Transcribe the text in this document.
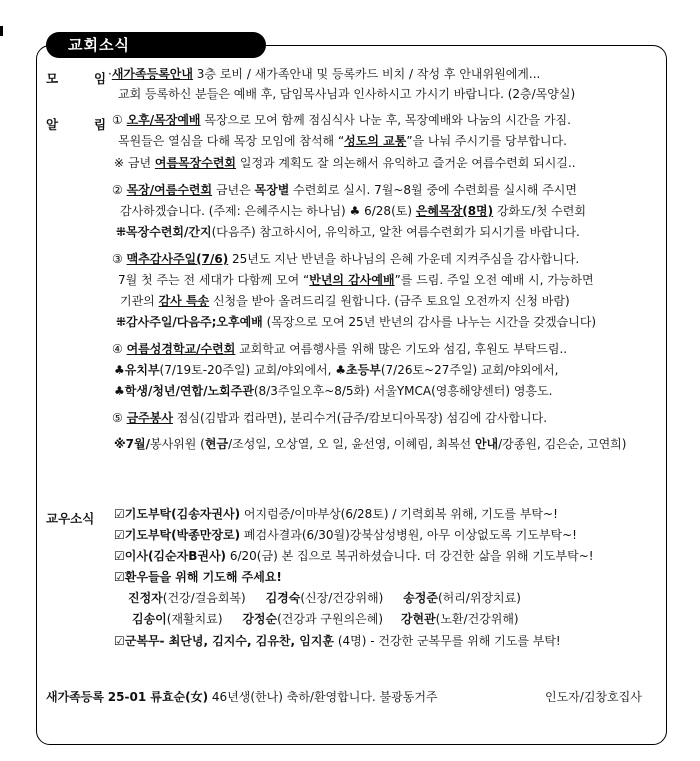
교회소식
모	임 ·새가족등록안내 3층 로비 / 새가족안내 및 등록카드 비치 / 작성 후 안내위원에게...
교회 등록하신 분들은 예배 후, 담임목사님과 인사하시고 가시기 바랍니다. (2층/목양실)
알	림 ① 오후/목장예배 목장으로 모여 함께 점심식사 나눈 후, 목장예배와 나눔의 시간을 가짐.
목원들은 열심을 다해 목장 모임에 참석해 “성도의 교통”을 나눠 주시기를 당부합니다.
※ 금년 여름목장수련회 일정과 계획도 잘 의논해서 유익하고 즐거운 여름수련회 되시길..
② 목장/여름수련회 금년은 목장별 수련회로 실시. 7월~8월 중에 수련회를 실시해 주시면
감사하겠습니다. (주제: 은혜주시는 하나님) ♣ 6/28(토) 은혜목장(8명) 강화도/첫 수련회
⁜목장수련회/간지(다음주) 참고하시어, 유익하고, 알찬 여름수련회가 되시기를 바랍니다.
③ 맥추감사주일(7/6) 25년도 지난 반년을 하나님의 은혜 가운데 지켜주심을 감사합니다.
7월 첫 주는 전 세대가 다함께 모여 “반년의 감사예배”를 드림. 주일 오전 예배 시, 가능하면
기관의 감사 특송 신청을 받아 올려드리길 원합니다. (금주 토요일 오전까지 신청 바람)
⁜감사주일/다음주;오후예배 (목장으로 모여 25년 반년의 감사를 나누는 시간을 갖겠습니다)
④ 여름성경학교/수련회 교회학교 여름행사를 위해 많은 기도와 섬김, 후원도 부탁드림..
♣유치부(7/19토-20주일) 교회/야외에서, ♣초등부(7/26토~27주일) 교회/야외에서,
♣학생/청년/연합/노회주관(8/3주일오후~8/5화) 서울YMCA(영흥해양센터) 영흥도.
⑤ 금주봉사 점심(김밥과 컵라면), 분리수거(금주/캄보디아목장) 섬김에 감사합니다.
※7월/봉사위원 (현금/조성일, 오상열, 오 일, 윤선영, 이혜림, 최복선 안내/강종원, 김은순, 고연희)
교우소식 ☑기도부탁(김송자권사) 어지럼증/이마부상(6/28토) / 기력회복 위해, 기도를 부탁~!
☑기도부탁(박종만장로) 폐검사결과(6/30월)강북삼성병원, 아무 이상없도록 기도부탁~!
☑이사(김순자B권사) 6/20(금) 본 집으로 복귀하셨습니다. 더 강건한 삶을 위해 기도부탁~!
☑환우들을 위해 기도해 주세요!
진정자(건강/걸음회복) 김경숙(신장/건강위해) 송정준(허리/위장치료)
김송이(재활치료) 강정순(건강과 구원의은혜) 강현관(노환/건강위해)
☑군복무- 최단녕, 김지수, 김유찬, 임지훈 (4명) - 건강한 군복무를 위해 기도를 부탁!
새가족등록 25-01 류효순(女) 46년생(한나) 축하/환영합니다. 불광동거주	인도자/김창호집사
